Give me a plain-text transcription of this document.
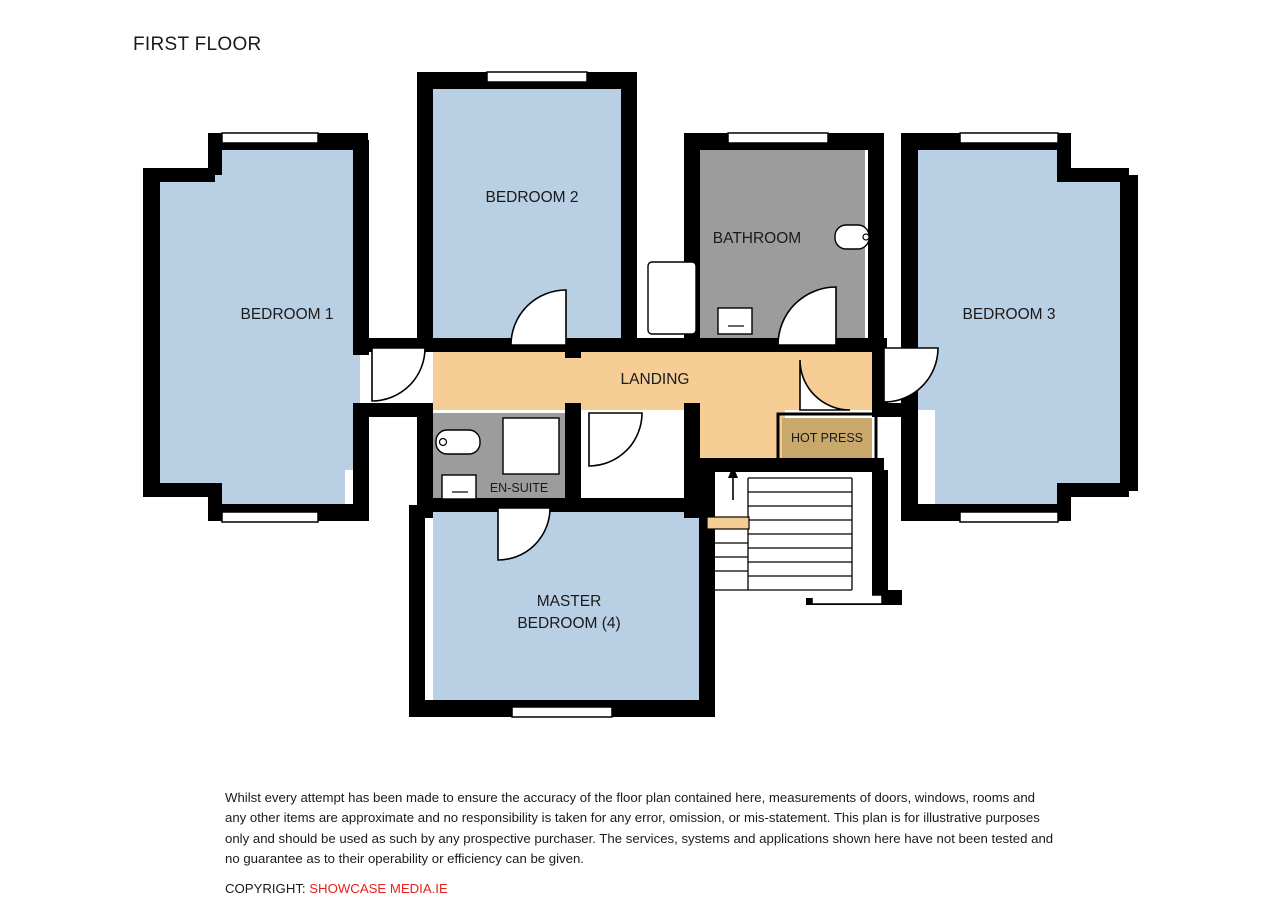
FIRST FLOOR
BEDROOM 1
BEDROOM 2
BEDROOM 3
BATHROOM
LANDING
EN-SUITE
HOT PRESS
MASTER
BEDROOM (4)
Whilst every attempt has been made to ensure the accuracy of the floor plan contained here, measurements of doors, windows, rooms and any other items are approximate and no responsibility is taken for any error, omission, or mis-statement. This plan is for illustrative purposes only and should be used as such by any prospective purchaser. The services, systems and applications shown here have not been tested and no guarantee as to their operability or efficiency can be given.
COPYRIGHT: SHOWCASE MEDIA.IE
